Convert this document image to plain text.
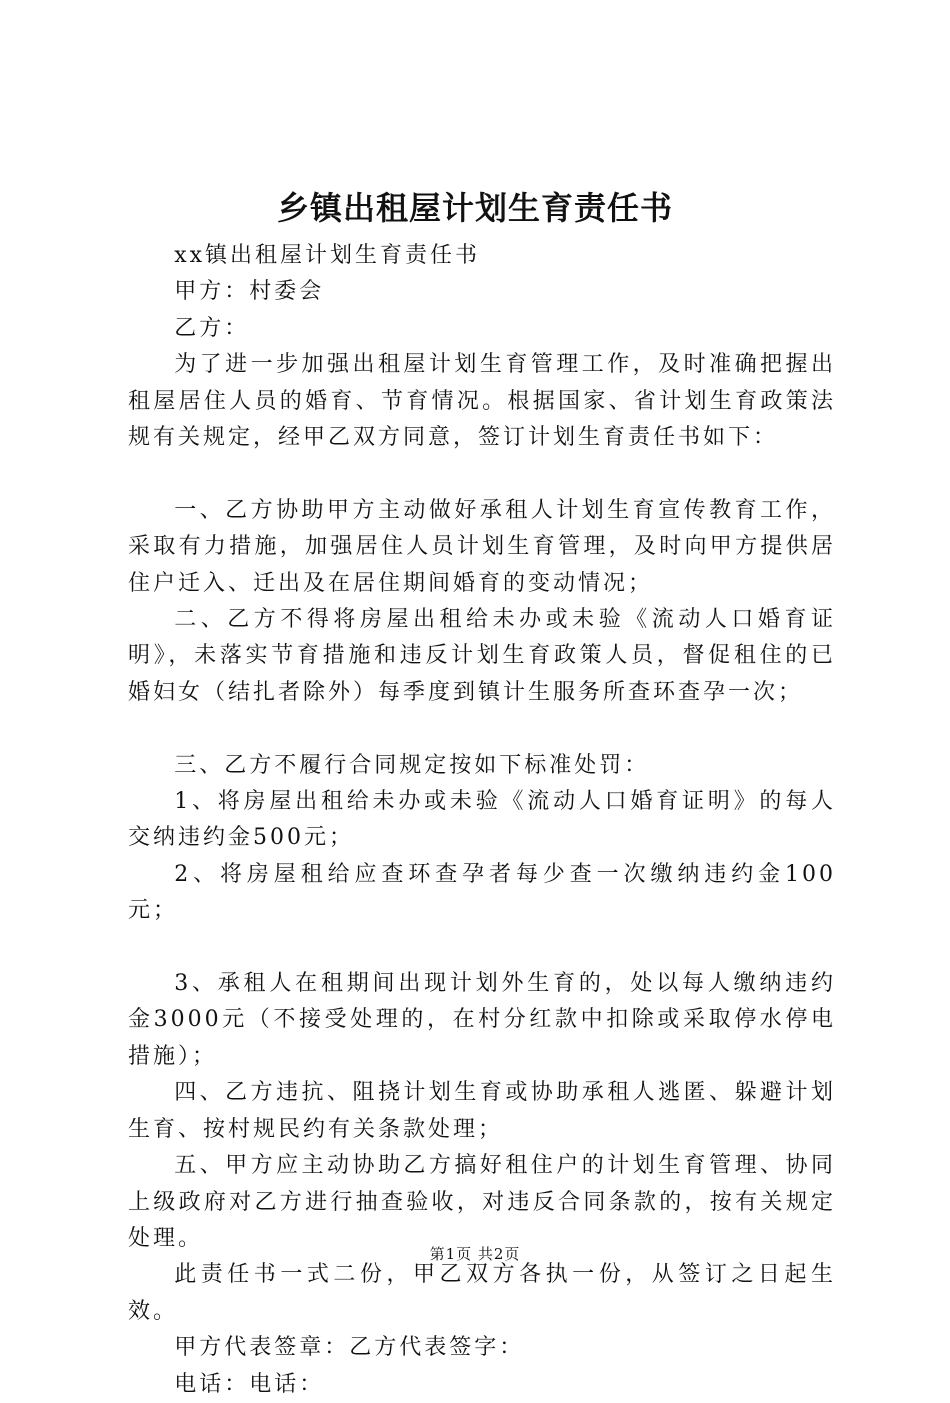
乡镇出租屋计划生育责任书

xx镇出租屋计划生育责任书

甲方：村委会

乙方：

为了进一步加强出租屋计划生育管理工作，及时准确把握出租屋居住人员的婚育、节育情况。根据国家、省计划生育政策法规有关规定，经甲乙双方同意，签订计划生育责任书如下：

一、乙方协助甲方主动做好承租人计划生育宣传教育工作，采取有力措施，加强居住人员计划生育管理，及时向甲方提供居住户迁入、迁出及在居住期间婚育的变动情况；

二、乙方不得将房屋出租给未办或未验《流动人口婚育证明》，未落实节育措施和违反计划生育政策人员，督促租住的已婚妇女（结扎者除外）每季度到镇计生服务所查环查孕一次；

三、乙方不履行合同规定按如下标准处罚：

1、将房屋出租给未办或未验《流动人口婚育证明》的每人交纳违约金500元；

2、将房屋租给应查环查孕者每少查一次缴纳违约金100元；

3、承租人在租期间出现计划外生育的，处以每人缴纳违约金3000元（不接受处理的，在村分红款中扣除或采取停水停电措施）；

四、乙方违抗、阻挠计划生育或协助承租人逃匿、躲避计划生育、按村规民约有关条款处理；

五、甲方应主动协助乙方搞好租住户的计划生育管理、协同上级政府对乙方进行抽查验收，对违反合同条款的，按有关规定处理。

此责任书一式二份，甲乙双方各执一份，从签订之日起生效。

甲方代表签章：乙方代表签字：

电话：电话：

第1页 共2页
